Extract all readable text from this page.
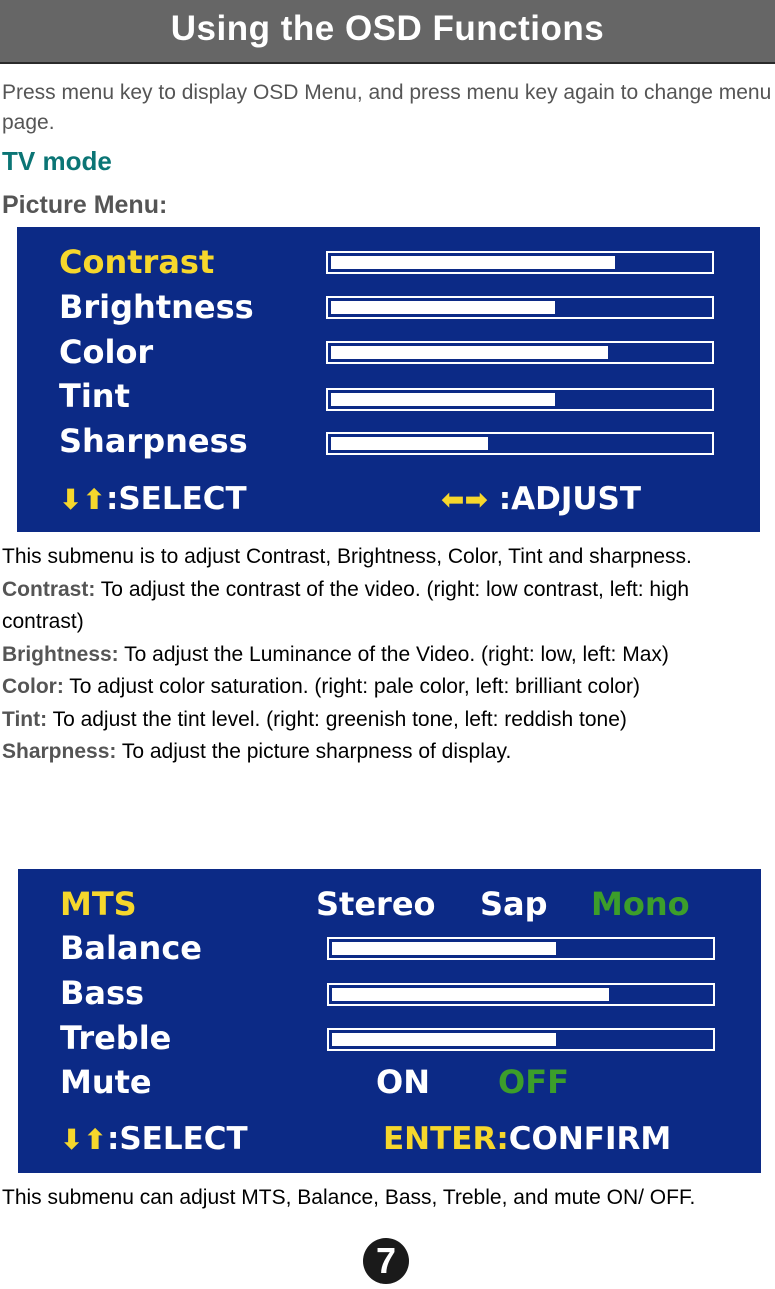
Using the OSD Functions
Press menu key to display OSD Menu, and press menu key again to change menu page.
TV mode
Picture Menu:
Contrast
Brightness
Color
Tint
Sharpness
⬇⬆:SELECT	⬅➡ :ADJUST
This submenu is to adjust Contrast, Brightness, Color, Tint and sharpness.
Contrast: To adjust the contrast of the video. (right: low contrast, left: high contrast)
Brightness: To adjust the Luminance of the Video. (right: low, left: Max)
Color: To adjust color saturation. (right: pale color, left: brilliant color)
Tint: To adjust the tint level. (right: greenish tone, left: reddish tone)
Sharpness: To adjust the picture sharpness of display.
MTS	Stereo Sap Mono
Balance
Bass
Treble
Mute	ON OFF
⬇⬆:SELECT	ENTER:CONFIRM
This submenu can adjust MTS, Balance, Bass, Treble, and mute ON/ OFF.
7
